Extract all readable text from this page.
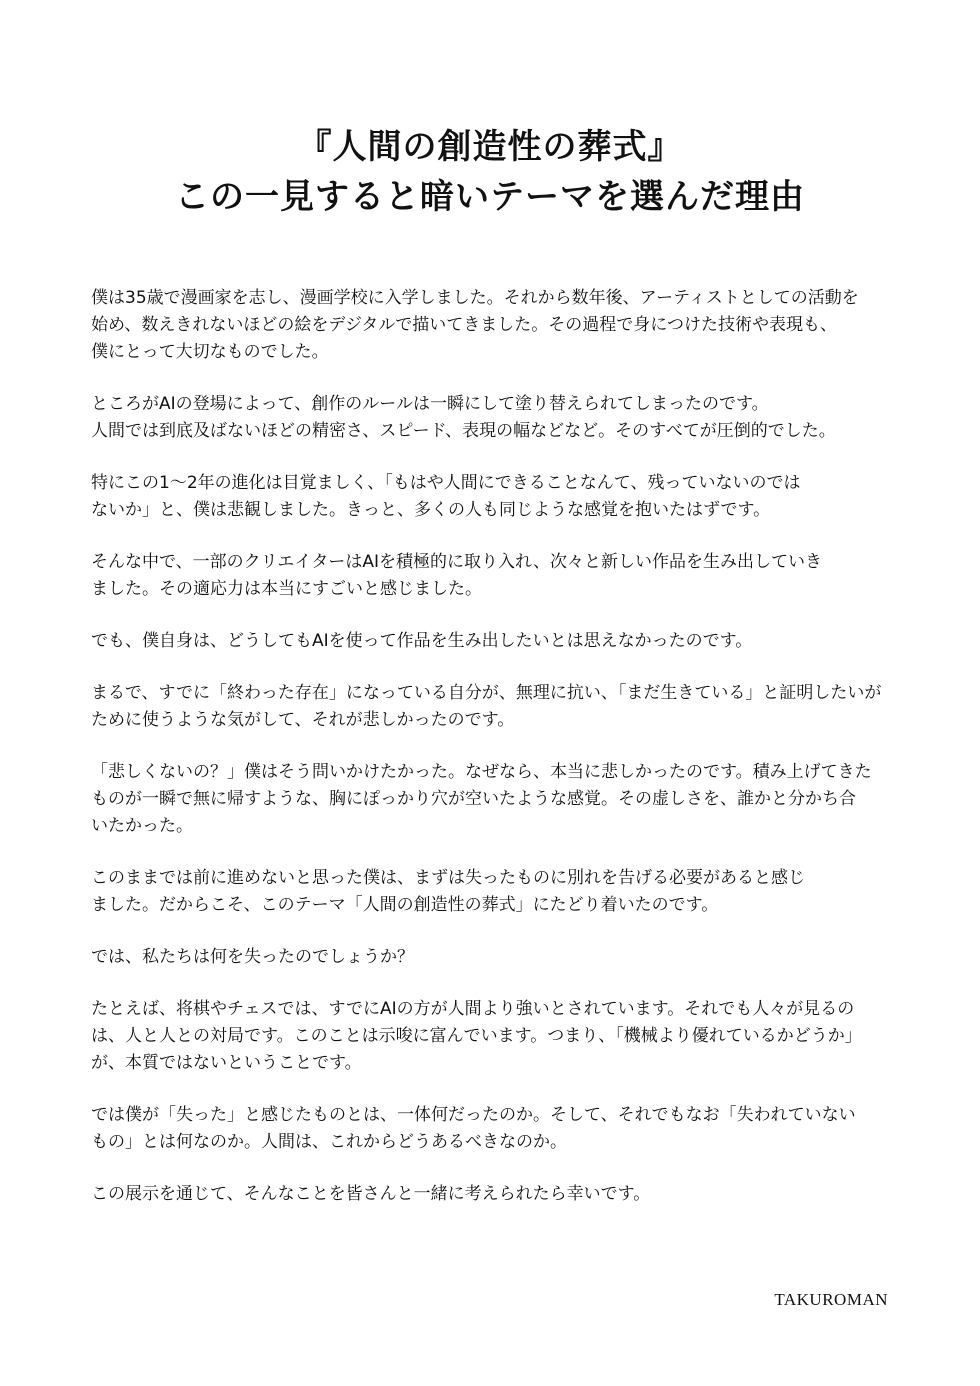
『人間の創造性の葬式』
この一見すると暗いテーマを選んだ理由

僕は35歳で漫画家を志し、漫画学校に入学しました。それから数年後、アーティストとしての活動を
始め、数えきれないほどの絵をデジタルで描いてきました。その過程で身につけた技術や表現も、
僕にとって大切なものでした。

ところがAIの登場によって、創作のルールは一瞬にして塗り替えられてしまったのです。
人間では到底及ばないほどの精密さ、スピード、表現の幅などなど。そのすべてが圧倒的でした。

特にこの1〜2年の進化は目覚ましく、「もはや人間にできることなんて、残っていないのでは
ないか」と、僕は悲観しました。きっと、多くの人も同じような感覚を抱いたはずです。

そんな中で、一部のクリエイターはAIを積極的に取り入れ、次々と新しい作品を生み出していき
ました。その適応力は本当にすごいと感じました。

でも、僕自身は、どうしてもAIを使って作品を生み出したいとは思えなかったのです。

まるで、すでに「終わった存在」になっている自分が、無理に抗い、「まだ生きている」と証明したいが
ために使うような気がして、それが悲しかったのです。

「悲しくないの？」僕はそう問いかけたかった。なぜなら、本当に悲しかったのです。積み上げてきた
ものが一瞬で無に帰すような、胸にぽっかり穴が空いたような感覚。その虚しさを、誰かと分かち合
いたかった。

このままでは前に進めないと思った僕は、まずは失ったものに別れを告げる必要があると感じ
ました。だからこそ、このテーマ「人間の創造性の葬式」にたどり着いたのです。

では、私たちは何を失ったのでしょうか？

たとえば、将棋やチェスでは、すでにAIの方が人間より強いとされています。それでも人々が見るの
は、人と人との対局です。このことは示唆に富んでいます。つまり、「機械より優れているかどうか」
が、本質ではないということです。

では僕が「失った」と感じたものとは、一体何だったのか。そして、それでもなお「失われていない
もの」とは何なのか。人間は、これからどうあるべきなのか。

この展示を通じて、そんなことを皆さんと一緒に考えられたら幸いです。

TAKUROMAN
